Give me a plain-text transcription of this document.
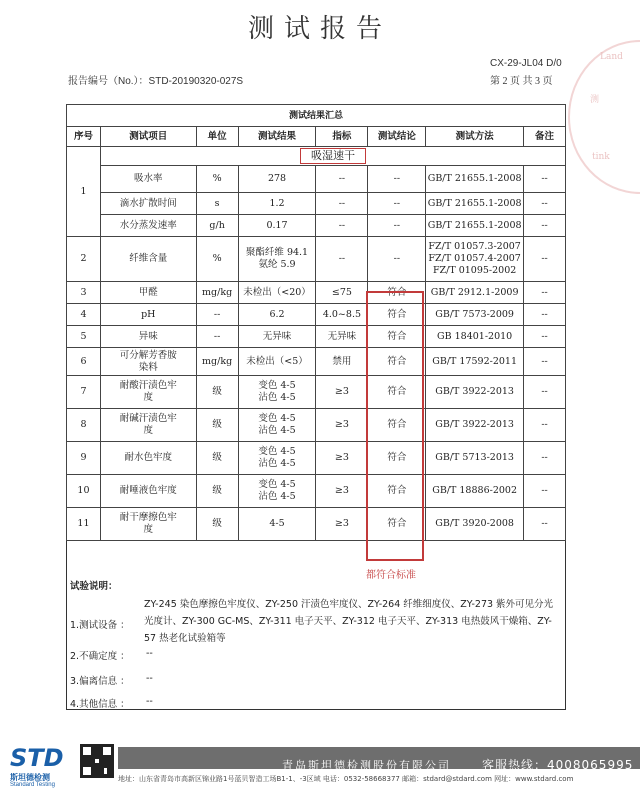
测试报告
CX-29-JL04 D/0
报告编号（No.）：STD-20190320-027S	第 2 页 共 3 页
Land
测
tink
测试结果汇总							
序号	测试项目	单位	测试结果	指标	测试结论	测试方法	备注
1	吸湿速干						
	吸水率	%	278	--	--	GB/T 21655.1-2008	--
	滴水扩散时间	s	1.2	--	--	GB/T 21655.1-2008	--
	水分蒸发速率	g/h	0.17	--	--	GB/T 21655.1-2008	--
2	纤维含量	%	聚酯纤维 94.1
氨纶 5.9	--	--	FZ/T 01057.3-2007
FZ/T 01057.4-2007
FZ/T 01095-2002	--
3	甲醛	mg/kg	未检出（<20）	≤75	符合	GB/T 2912.1-2009	--
4	pH	--	6.2	4.0~8.5	符合	GB/T 7573-2009	--
5	异味	--	无异味	无异味	符合	GB 18401-2010	--
6	可分解芳香胺
染料	mg/kg	未检出（<5）	禁用	符合	GB/T 17592-2011	--
7	耐酸汗渍色牢
度	级	变色 4-5
沾色 4-5	≥3	符合	GB/T 3922-2013	--
8	耐碱汗渍色牢
度	级	变色 4-5
沾色 4-5	≥3	符合	GB/T 3922-2013	--
9	耐水色牢度	级	变色 4-5
沾色 4-5	≥3	符合	GB/T 5713-2013	--
10	耐唾液色牢度	级	变色 4-5
沾色 4-5	≥3	符合	GB/T 18886-2002	--
11	耐干摩擦色牢
度	级	4-5	≥3	符合	GB/T 3920-2008	--
都符合标准
试验说明：
1.测试设备 ：
ZY-245 染色摩擦色牢度仪、ZY-250 汗渍色牢度仪、ZY-264 纤维细度仪、ZY-273 紫外可见分光光度计、ZY-300 GC-MS、ZY-311 电子天平、ZY-312 电子天平、ZY-313 电热鼓风干燥箱、ZY-57 热老化试验箱等
2.不确定度 ： --
3.偏离信息 ： --
4.其他信息 ： --
STD
斯坦德检测
Standard Testing
青岛斯坦德检测股份有限公司	客服热线：4008065995
地址：山东省青岛市高新区锦业路1号蓝贝智造工场B1-1、-3区域 电话：0532-58668377 邮箱：stdard@stdard.com 网址：www.stdard.com
